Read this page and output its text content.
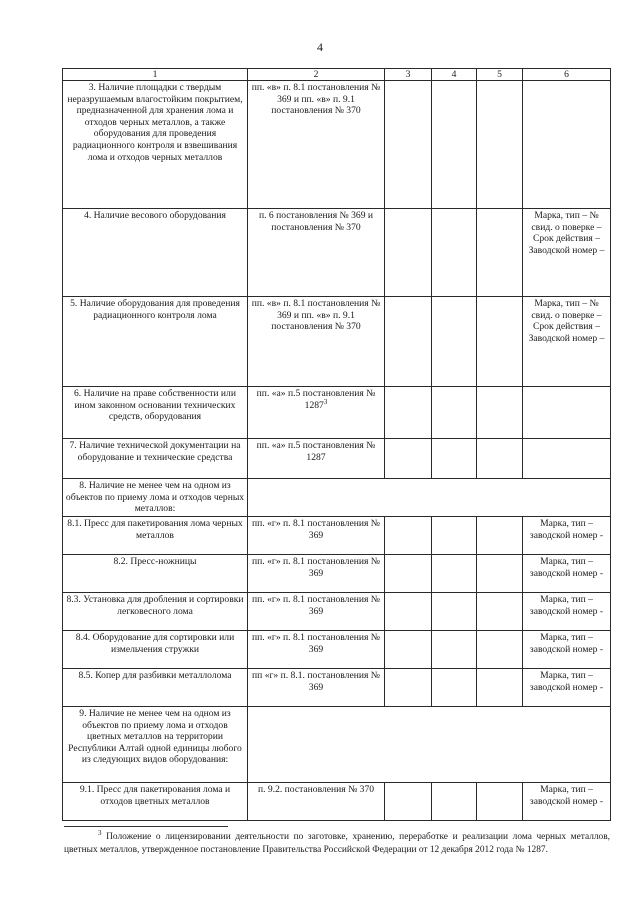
4
1	2	3	4	5	6
3. Наличие площадки с твердым неразрушаемым влагостойким покрытием, предназначенной для хранения лома и отходов черных металлов, а также оборудования для проведения радиационного контроля и взвешивания лома и отходов черных металлов	пп. «в» п. 8.1 постановления № 369 и пп. «в» п. 9.1 постановления № 370				
4. Наличие весового оборудования	п. 6 постановления № 369 и постановления № 370				Марка, тип – № свид. о поверке – Срок действия – Заводской номер –
5. Наличие оборудования для проведения радиационного контроля лома	пп. «в» п. 8.1 постановления № 369 и пп. «в» п. 9.1 постановления № 370				Марка, тип – № свид. о поверке – Срок действия – Заводской номер –
6. Наличие на праве собственности или ином законном основании технических средств, оборудования	пп. «а» п.5 постановления № 1287$^3$				
7. Наличие технической документации на оборудование и технические средства	пп. «а» п.5 постановления № 1287				
8. Наличие не менее чем на одном из объектов по приему лома и отходов черных металлов:					
8.1. Пресс для пакетирования лома черных металлов	пп. «г» п. 8.1 постановления № 369				Марка, тип – заводской номер -
8.2. Пресс-ножницы	пп. «г» п. 8.1 постановления № 369				Марка, тип – заводской номер -
8.3. Установка для дробления и сортировки легковесного лома	пп. «г» п. 8.1 постановления № 369				Марка, тип – заводской номер -
8.4. Оборудование для сортировки или измельчения стружки	пп. «г» п. 8.1 постановления № 369				Марка, тип – заводской номер -
8.5. Копер для разбивки металлолома	пп «г» п. 8.1. постановления № 369				Марка, тип – заводской номер -
9. Наличие не менее чем на одном из объектов по приему лома и отходов цветных металлов на территории Республики Алтай одной единицы любого из следующих видов оборудования:					
9.1. Пресс для пакетирования лома и отходов цветных металлов	п. 9.2. постановления № 370				Марка, тип – заводской номер -
$^3$ Положение о лицензировании деятельности по заготовке, хранению, переработке и реализации лома черных металлов, цветных металлов, утвержденное постановление Правительства Российской Федерации от 12 декабря 2012 года № 1287.
